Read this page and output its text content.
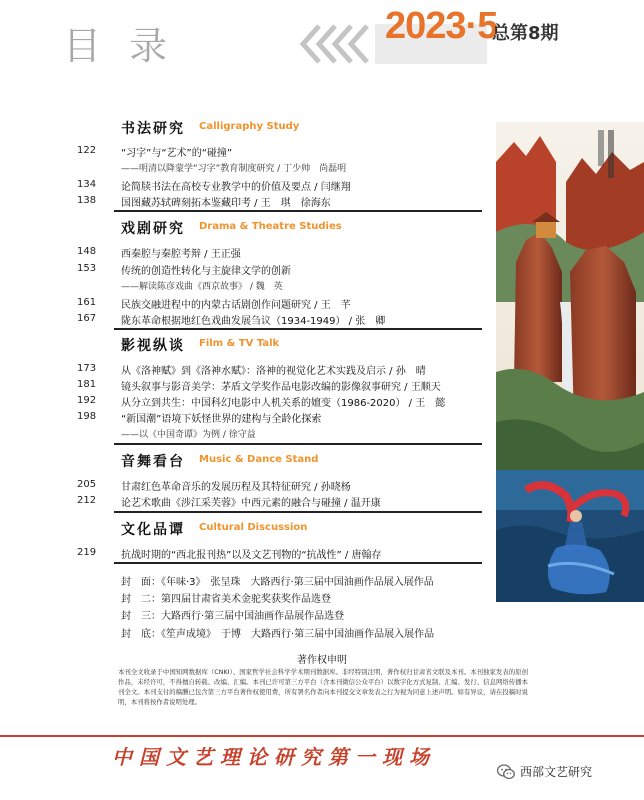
目 录	2023·5
总第8期
书法研究 Calligraphy Study
122	“习字”与“艺术”的“碰撞”
——明清以降蒙学“习字”教育制度研究 / 丁少帅　尚磊明
134	论简牍书法在高校专业教学中的价值及要点 / 闫继翔
138	国图藏苏轼碑刻拓本鉴藏印考 / 王　琪　徐海东
戏剧研究 Drama & Theatre Studies
148	西秦腔与秦腔考辩 / 王正强
153	传统的创造性转化与主旋律文学的创新
——解读陈彦戏曲《西京故事》 / 魏　英
161	民族交融进程中的内蒙古话剧创作问题研究 / 王　芊
167	陇东革命根据地红色戏曲发展刍议（1934-1949） / 张　卿
影视纵谈 Film & TV Talk
173	从《洛神赋》到《洛神水赋》：洛神的视觉化艺术实践及启示 / 孙　晴
181	镜头叙事与影音美学：茅盾文学奖作品电影改编的影像叙事研究 / 王顺天
192	从分立到共生：中国科幻电影中人机关系的嬗变（1986-2020） / 王　懿
198	“新国潮”语境下妖怪世界的建构与全龄化探索
——以《中国奇谭》为例 / 徐守益
音舞看台 Music & Dance Stand
205	甘肃红色革命音乐的发展历程及其特征研究 / 孙晓杨
212	论艺术歌曲《涉江采芙蓉》中西元素的融合与碰撞 / 温开康
文化品谭 Cultural Discussion
219	抗战时期的“西北报刊热”以及文艺刊物的“抗战性” / 唐翰存
封　面：《年味·3》　张呈珠　大路西行·第三届中国油画作品展入展作品
封　二：第四届甘肃省美术金驼奖获奖作品选登
封　三：大路西行·第三届中国油画作品展作品选登
封　底：《笙声成境》　于博　大路西行·第三届中国油画作品展入展作品
著作权申明
本刊全文收录于中国知网数据库（CNKI）、国家哲学社会科学学术期刊数据库。非经特别注明，著作权归甘肃省文联及本刊。本刊独家发表的原创作品，未经许可，不得擅自转载、改编、汇编。本刊已许可第三方平台（含本刊微信公众平台）以数字化方式复制、汇编、发行、信息网络传播本刊全文。本刊支付的稿酬已包含第三方平台著作权使用费，所有署名作者向本刊提交文章发表之行为视为同意上述声明。如有异议，请在投稿时说明，本刊将按作者说明处理。
中国文艺理论研究第一现场
西部文艺研究
